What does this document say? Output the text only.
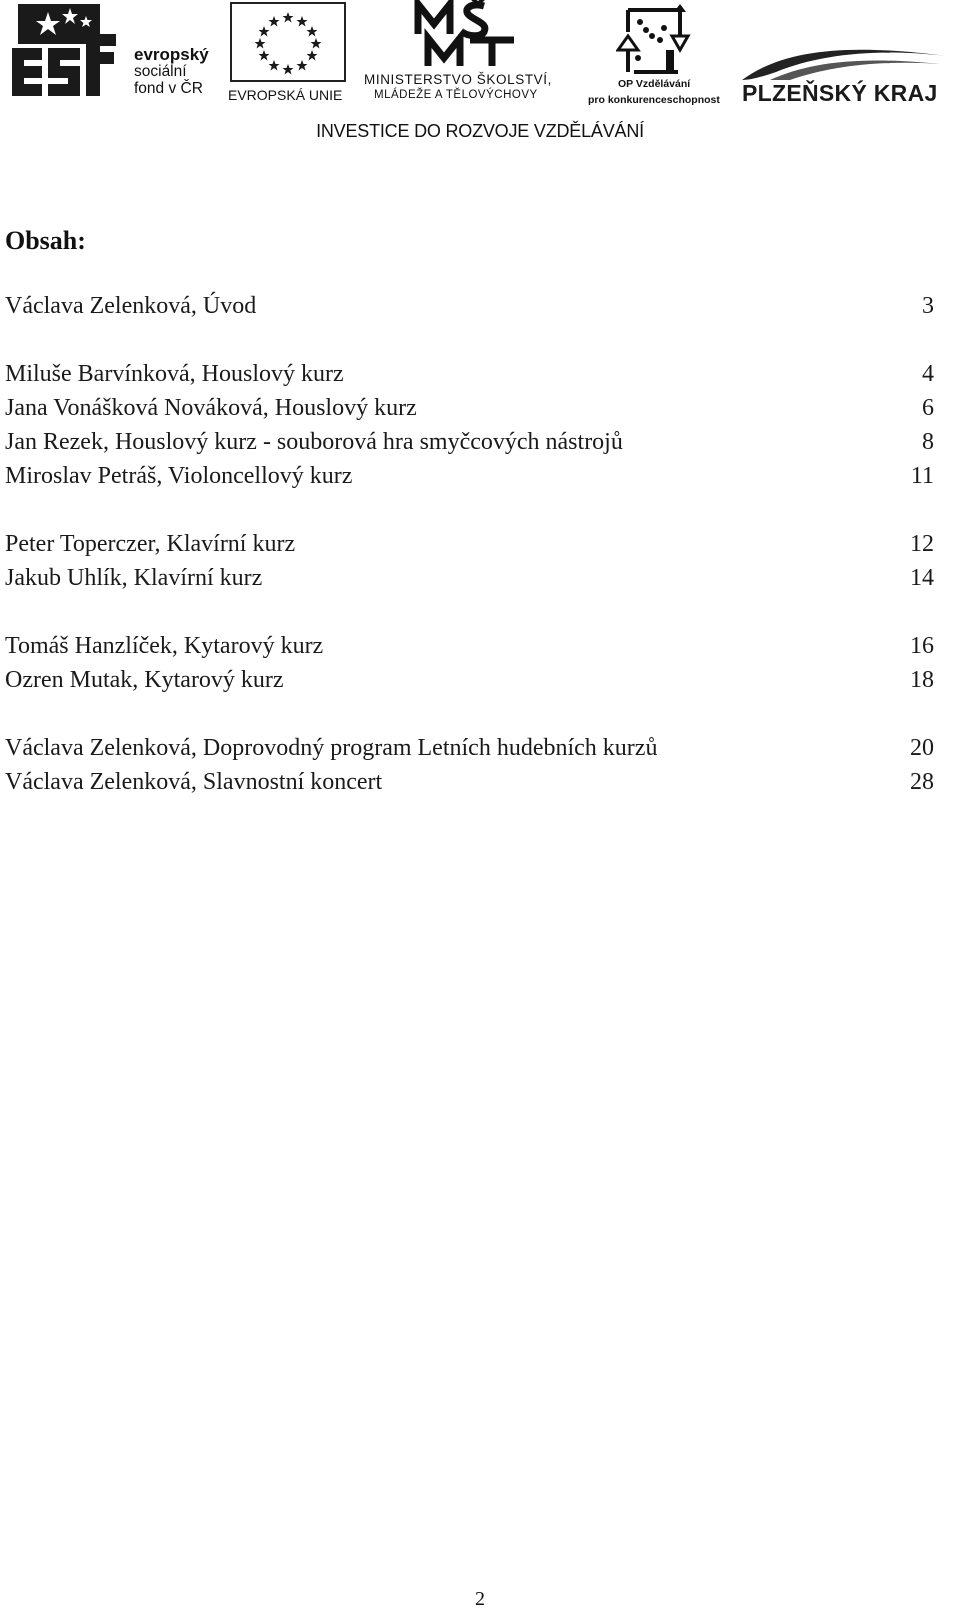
evropský
sociální
fond v ČR	EVROPSKÁ UNIE
MINISTERSTVO ŠKOLSTVÍ,
MLÁDEŽE A TĚLOVÝCHOVY
OP Vzdělávání
pro konkurenceschopnost PLZEŇSKÝ KRAJ
INVESTICE DO ROZVOJE VZDĚLÁVÁNÍ
Obsah:
Václava Zelenková, Úvod	3
Miluše Barvínková, Houslový kurz	4
Jana Vonášková Nováková, Houslový kurz	6
Jan Rezek, Houslový kurz - souborová hra smyčcových nástrojů	8
Miroslav Petráš, Violoncellový kurz	11
Peter Toperczer, Klavírní kurz	12
Jakub Uhlík, Klavírní kurz	14
Tomáš Hanzlíček, Kytarový kurz	16
Ozren Mutak, Kytarový kurz	18
Václava Zelenková, Doprovodný program Letních hudebních kurzů	20
Václava Zelenková, Slavnostní koncert	28
2
